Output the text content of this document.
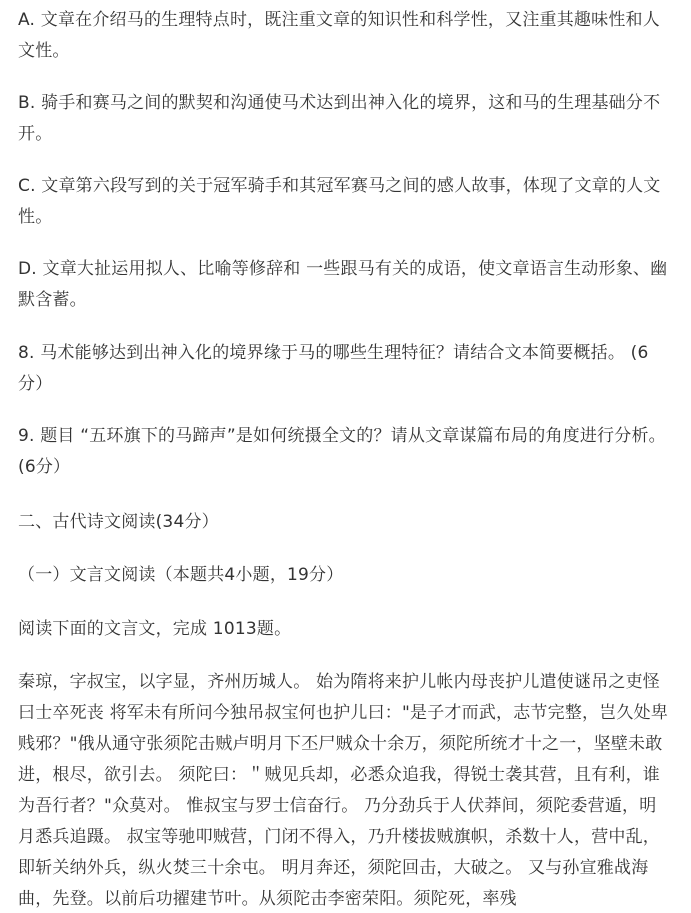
A. 文章在介绍马的生理特点时，既注重文章的知识性和科学性，又注重其趣味性和人文性。

B. 骑手和赛马之间的默契和沟通使马术达到出神入化的境界，这和马的生理基础分不开。

C. 文章第六段写到的关于冠军骑手和其冠军赛马之间的感人故事，体现了文章的人文性。

D. 文章大扯运用拟人、比喻等修辞和 一些跟马有关的成语，使文章语言生动形象、幽默含蓄。

8. 马术能够达到出神入化的境界缘于马的哪些生理特征？请结合文本简要概括。 (6分）

9. 题目 “五环旗下的马蹄声”是如何统摄全文的？请从文章谋篇布局的角度进行分析。 (6分）

二、古代诗文阅读(34分）

（一）文言文阅读（本题共4小题，19分）

阅读下面的文言文，完成 1013题。

秦琼，字叔宝，以字显，齐州历城人。 始为隋将来护儿帐内母丧护儿遣使谜吊之吏怪曰士卒死丧 将军未有所问今独吊叔宝何也护儿曰："是子才而武，志节完整，岂久处卑贱邪？"俄从通守张须陀击贼卢明月下丕尸贼众十余万，须陀所统才十之一，坚壁未敢进，根尽，欲引去。 须陀曰：＂贼见兵却，必悉众追我，得锐士袭其营，且有利，谁为吾行者？"众莫对。 惟叔宝与罗士信奋行。 乃分劲兵于人伏莽间，须陀委营遁，明月悉兵追蹑。 叔宝等驰叩贼营，门闭不得入，乃升楼拔贼旗帜，杀数十人，营中乱，即斩关纳外兵，纵火焚三十余屯。 明月奔还，须陀回击，大破之。 又与孙宣雅战海曲，先登。以前后功擢建节叶。从须陀击李密荣阳。须陀死，率残
